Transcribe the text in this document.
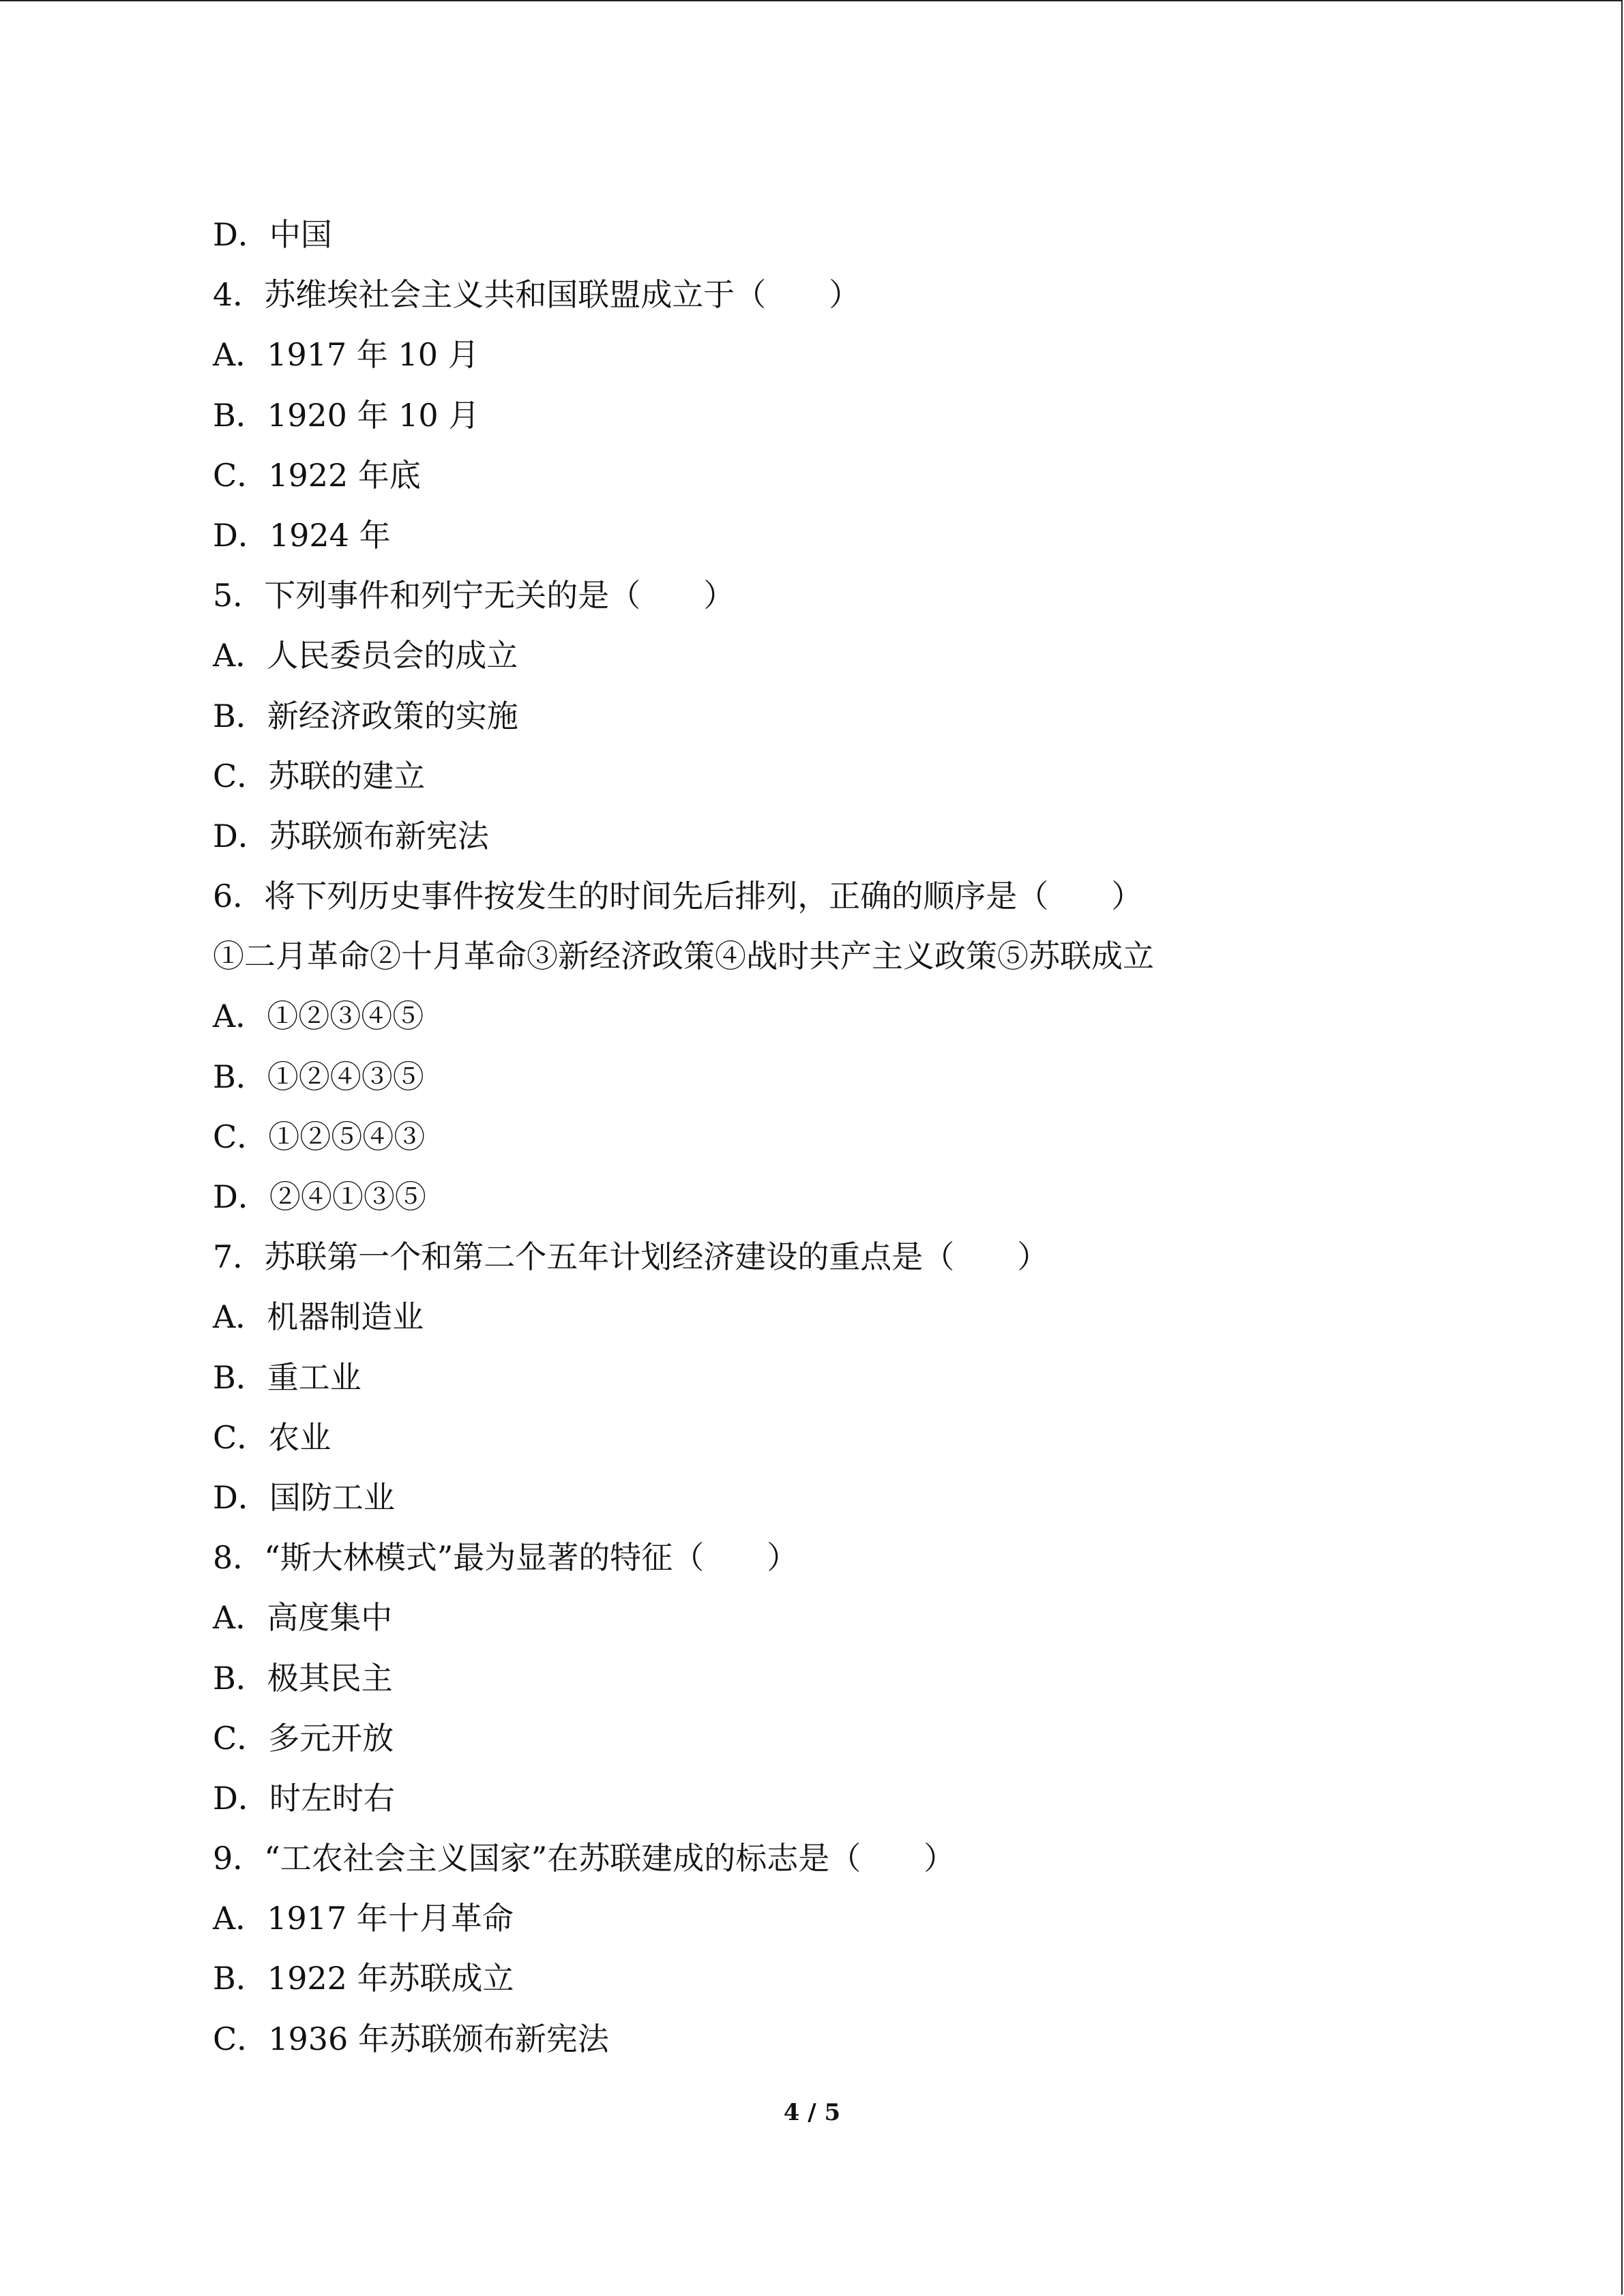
D．中国
4．苏维埃社会主义共和国联盟成立于（　　）
A．1917 年 10 月
B．1920 年 10 月
C．1922 年底
D．1924 年
5．下列事件和列宁无关的是（　　）
A．人民委员会的成立
B．新经济政策的实施
C．苏联的建立
D．苏联颁布新宪法
6．将下列历史事件按发生的时间先后排列，正确的顺序是（　　）
①二月革命②十月革命③新经济政策④战时共产主义政策⑤苏联成立
A．①②③④⑤
B．①②④③⑤
C．①②⑤④③
D．②④①③⑤
7．苏联第一个和第二个五年计划经济建设的重点是（　　）
A．机器制造业
B．重工业
C．农业
D．国防工业
8．“斯大林模式”最为显著的特征（　　）
A．高度集中
B．极其民主
C．多元开放
D．时左时右
9．“工农社会主义国家”在苏联建成的标志是（　　）
A．1917 年十月革命
B．1922 年苏联成立
C．1936 年苏联颁布新宪法
4 / 5
